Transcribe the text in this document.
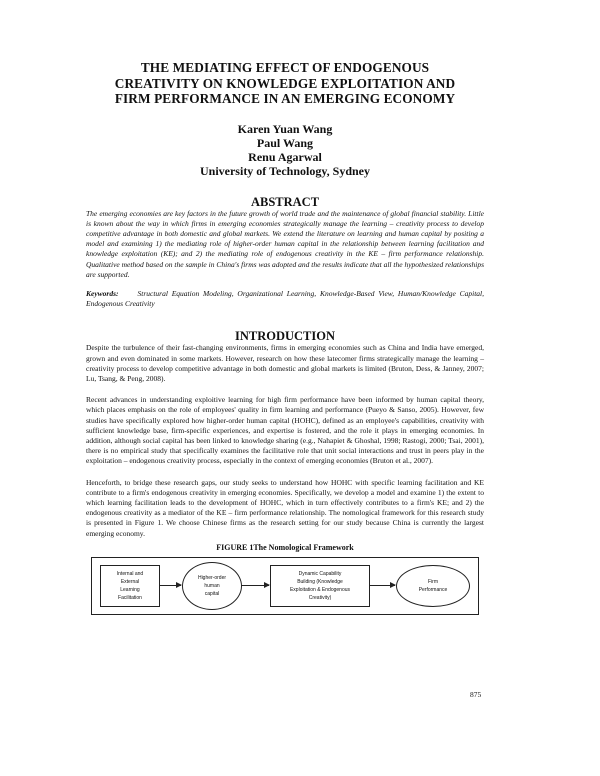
THE MEDIATING EFFECT OF ENDOGENOUS
CREATIVITY ON KNOWLEDGE EXPLOITATION AND
FIRM PERFORMANCE IN AN EMERGING ECONOMY
Karen Yuan Wang
Paul Wang
Renu Agarwal
University of Technology, Sydney
ABSTRACT

The emerging economies are key factors in the future growth of world trade and the maintenance of global financial stability. Little is known about the way in which firms in emerging economies strategically manage the learning – creativity process to develop competitive advantage in both domestic and global markets. We extend the literature on learning and human capital by positing a model and examining 1) the mediating role of higher-order human capital in the relationship between learning facilitation and knowledge exploitation (KE); and 2) the mediating role of endogenous creativity in the KE – firm performance relationship. Qualitative method based on the sample in China's firms was adopted and the results indicate that all the hypothesized relationships are supported.

Keywords:	Structural Equation Modeling, Organizational Learning, Knowledge-Based View, Human/Knowledge Capital, Endogenous Creativity

INTRODUCTION

Despite the turbulence of their fast-changing environments, firms in emerging economies such as China and India have emerged, grown and even dominated in some markets. However, research on how these latecomer firms strategically manage the learning – creativity process to develop competitive advantage in both domestic and global markets is limited (Bruton, Dess, & Janney, 2007; Lu, Tsang, & Peng, 2008).

Recent advances in understanding exploitive learning for high firm performance have been informed by human capital theory, which places emphasis on the role of employees' quality in firm learning and performance (Pueyo & Sanso, 2005). However, few studies have specifically explored how higher-order human capital (HOHC), defined as an employee's capabilities, creativity with sufficient knowledge base, firm-specific experiences, and expertise is fostered, and the role it plays in emerging economies. In addition, although social capital has been linked to knowledge sharing (e.g., Nahapiet & Ghoshal, 1998; Rastogi, 2000; Tsai, 2001), there is no empirical study that specifically examines the facilitative role that unit social interactions and trust in peers play in the exploitation – endogenous creativity process, especially in the context of emerging economies (Bruton et al., 2007).

Henceforth, to bridge these research gaps, our study seeks to understand how HOHC with specific learning facilitation and KE contribute to a firm's endogenous creativity in emerging economies. Specifically, we develop a model and examine 1) the extent to which learning facilitation leads to the development of HOHC, which in turn effectively contributes to a firm's KE; and 2) the endogenous creativity as a mediator of the KE – firm performance relationship. The nomological framework for this research study is presented in Figure 1. We choose Chinese firms as the research setting for our study because China is currently the largest emerging economy.

FIGURE 1The Nomological Framework
Internal and
External
Learning
Facilitation
Higher-order
human
capital
Dynamic Capability
Building (Knowledge
Exploitation & Endogenous
Creativity)
Firm
Performance
875
